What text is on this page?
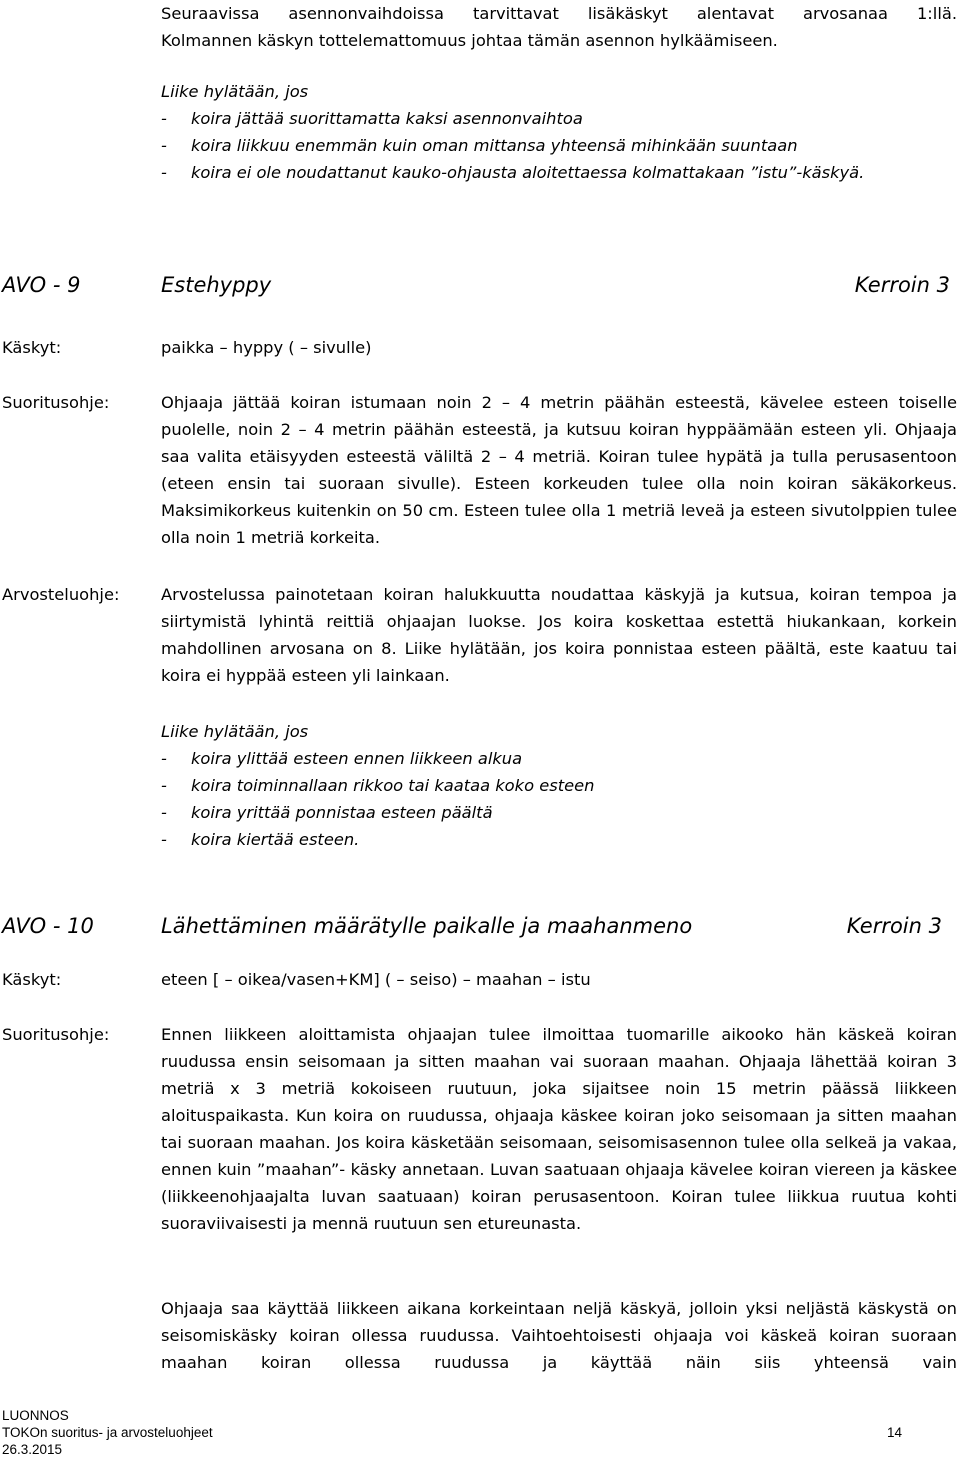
Seuraavissa asennonvaihdoissa tarvittavat lisäkäskyt alentavat arvosanaa 1:llä.
Kolmannen käskyn tottelemattomuus johtaa tämän asennon hylkäämiseen.
Liike hylätään, jos
- koira jättää suorittamatta kaksi asennonvaihtoa
- koira liikkuu enemmän kuin oman mittansa yhteensä mihinkään suuntaan
- koira ei ole noudattanut kauko-ohjausta aloitettaessa kolmattakaan ”istu”-käskyä.
AVO - 9	Estehyppy	Kerroin 3
Käskyt:	paikka – hyppy ( – sivulle)
Suoritusohje:	Ohjaaja jättää koiran istumaan noin 2 – 4 metrin päähän esteestä, kävelee esteen toiselle puolelle, noin 2 – 4 metrin päähän esteestä, ja kutsuu koiran hyppäämään esteen yli. Ohjaaja saa valita etäisyyden esteestä väliltä 2 – 4 metriä. Koiran tulee hypätä ja tulla perusasentoon (eteen ensin tai suoraan sivulle). Esteen korkeuden tulee olla noin koiran säkäkorkeus. Maksimikorkeus kuitenkin on 50 cm. Esteen tulee olla 1 metriä leveä ja esteen sivutolppien tulee olla noin 1 metriä korkeita.
Arvosteluohje:	Arvostelussa painotetaan koiran halukkuutta noudattaa käskyjä ja kutsua, koiran tempoa ja siirtymistä lyhintä reittiä ohjaajan luokse. Jos koira koskettaa estettä hiukankaan, korkein mahdollinen arvosana on 8. Liike hylätään, jos koira ponnistaa esteen päältä, este kaatuu tai koira ei hyppää esteen yli lainkaan.
Liike hylätään, jos
- koira ylittää esteen ennen liikkeen alkua
- koira toiminnallaan rikkoo tai kaataa koko esteen
- koira yrittää ponnistaa esteen päältä
- koira kiertää esteen.
AVO - 10	Lähettäminen määrätylle paikalle ja maahanmeno	Kerroin 3
Käskyt:	eteen [ – oikea/vasen+KM] ( – seiso) – maahan – istu
Suoritusohje:	Ennen liikkeen aloittamista ohjaajan tulee ilmoittaa tuomarille aikooko hän käskeä koiran ruudussa ensin seisomaan ja sitten maahan vai suoraan maahan. Ohjaaja lähettää koiran 3 metriä x 3 metriä kokoiseen ruutuun, joka sijaitsee noin 15 metrin päässä liikkeen aloituspaikasta. Kun koira on ruudussa, ohjaaja käskee koiran joko seisomaan ja sitten maahan tai suoraan maahan. Jos koira käsketään seisomaan, seisomisasennon tulee olla selkeä ja vakaa, ennen kuin ”maahan”- käsky annetaan. Luvan saatuaan ohjaaja kävelee koiran viereen ja käskee (liikkeenohjaajalta luvan saatuaan) koiran perusasentoon. Koiran tulee liikkua ruutua kohti suoraviivaisesti ja mennä ruutuun sen etureunasta.
Ohjaaja saa käyttää liikkeen aikana korkeintaan neljä käskyä, jolloin yksi neljästä käskystä on seisomiskäsky koiran ollessa ruudussa. Vaihtoehtoisesti ohjaaja voi käskeä koiran suoraan maahan koiran ollessa ruudussa ja käyttää näin siis yhteensä vain
LUONNOS
TOKOn suoritus- ja arvosteluohjeet	14
26.3.2015
